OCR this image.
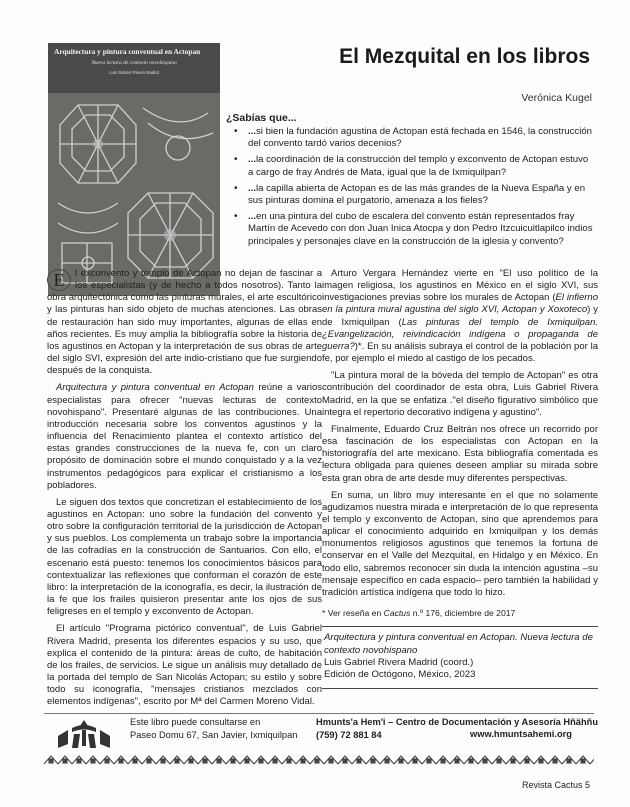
Arquitectura y pintura conventual en Actopan
Nueva lectura de contexto novohispano
Luis Gabriel Rivera Madrid
El Mezquital en los libros
Verónica Kugel
¿Sabías que...
• ...si bien la fundación agustina de Actopan está fechada en 1546, la construcción del convento tardó varios decenios?
• ...la coordinación de la construcción del templo y exconvento de Actopan estuvo a cargo de fray Andrés de Mata, igual que la de Ixmiquilpan?
• ...la capilla abierta de Actopan es de las más grandes de la Nueva España y en sus pinturas domina el purgatorio, amenaza a los fieles?
• ...en una pintura del cubo de escalera del convento están representados fray Martín de Acevedo con don Juan Inica Atocpa y don Pedro Itzcuicuitlapilco indios principales y personajes clave en la construcción de la iglesia y convento?

E	l exconvento y templo de Actopan no dejan de fascinar a los especialistas (y de hecho a todos nosotros). Tanto la obra arquitectónica como las pinturas murales, el arte escultórico y las pinturas han sido objeto de muchas atenciones. Las obras de restauración han sido muy importantes, algunas de ellas en años recientes. Es muy amplia la bibliografía sobre la historia de los agustinos en Actopan y la interpretación de sus obras de arte del siglo SVI, expresión del arte indio-cristiano que fue surgiendo después de la conquista.

Arquitectura y pintura conventual en Actopan reúne a varios especialistas para ofrecer "nuevas lecturas de contexto novohispano". Presentaré algunas de las contribuciones. Una introducción necesaria sobre los conventos agustinos y la influencia del Renacimiento plantea el contexto artístico del estas grandes construcciones de la nueva fe, con un claro propósito de dominación sobre el mundo conquistado y a la vez instrumentos pedagógicos para explicar el cristianismo a los pobladores.

Le siguen dos textos que concretizan el establecimiento de los agustinos en Actopan: uno sobre la fundación del convento y otro sobre la configuración territorial de la jurisdicción de Actopan y sus pueblos. Los complementa un trabajo sobre la importancia de las cofradías en la construcción de Santuarios. Con ello, el escenario está puesto: tenemos los conocimientos básicos para contextualizar las reflexiones que conforman el corazón de este libro: la interpretación de la iconografía, es decir, la ilustración de la fe que los frailes quisieron presentar ante los ojos de sus feligreses en el templo y exconvento de Actopan.

El artículo "Programa pictórico conventual", de Luis Gabriel Rivera Madrid, presenta los diferentes espacios y su uso, que explica el contenido de la pintura: áreas de culto, de habitación de los frailes, de servicios. Le sigue un análisis muy detallado de la portada del templo de San Nicolás Actopan; su estilo y sobre todo su iconografía, "mensajes cristianos mezclados con elementos indígenas", escrito por Mª del Carmen Moreno Vidal.

Arturo Vergara Hernández vierte en "El uso político de la imagen religiosa, los agustinos en México en el siglo XVI, sus investigaciones previas sobre los murales de Actopan (El infierno en la pintura mural agustina del siglo XVI, Actopan y Xoxoteco) y de Ixmiquilpan (Las pinturas del templo de Ixmiquilpan. ¿Evangelización, reivindicación indígena o propaganda de guerra?)*. En su análisis subraya el control de la población por la fe, por ejemplo el miedo al castigo de los pecados.

"La pintura moral de la bóveda del templo de Actopan" es otra contribución del coordinador de esta obra, Luis Gabriel Rivera Madrid, en la que se enfatiza ."el diseño figurativo simbólico que integra el repertorio decorativo indígena y agustino".

Finalmente, Eduardo Cruz Beltrán nos ofrece un recorrido por esa fascinación de los especialistas con Actopan en la historiografía del arte mexicano. Esta bibliografía comentada es lectura obligada para quienes deseen ampliar su mirada sobre esta gran obra de arte desde muy diferentes perspectivas.

En suma, un libro muy interesante en el que no solamente agudizamos nuestra mirada e interpretación de lo que representa el templo y exconvento de Actopan, sino que aprendemos para aplicar el conocimiento adquirido en Ixmiquilpan y los demás monumentos religiosos agustinos que tenemos la fortuna de conservar en el Valle del Mezquital, en Hidalgo y en México. En todo ello, sabremos reconocer sin duda la intención agustina –su mensaje específico en cada espacio– pero también la habilidad y tradición artística indígena que todo lo hizo.

* Ver reseña en Cactus n.º 176, diciembre de 2017
Arquitectura y pintura conventual en Actopan. Nueva lectura de contexto novohispano
Luis Gabriel Rivera Madrid (coord.)
Edición de Octógono, México, 2023
Este libro puede consultarse en
Paseo Domu 67, San Javier, Ixmiquilpan
Hmunts'a Hem'i – Centro de Documentación y Asesoría Hñähñu
(759) 72 881 84	www.hmuntsahemi.org
Revista Cactus 5
